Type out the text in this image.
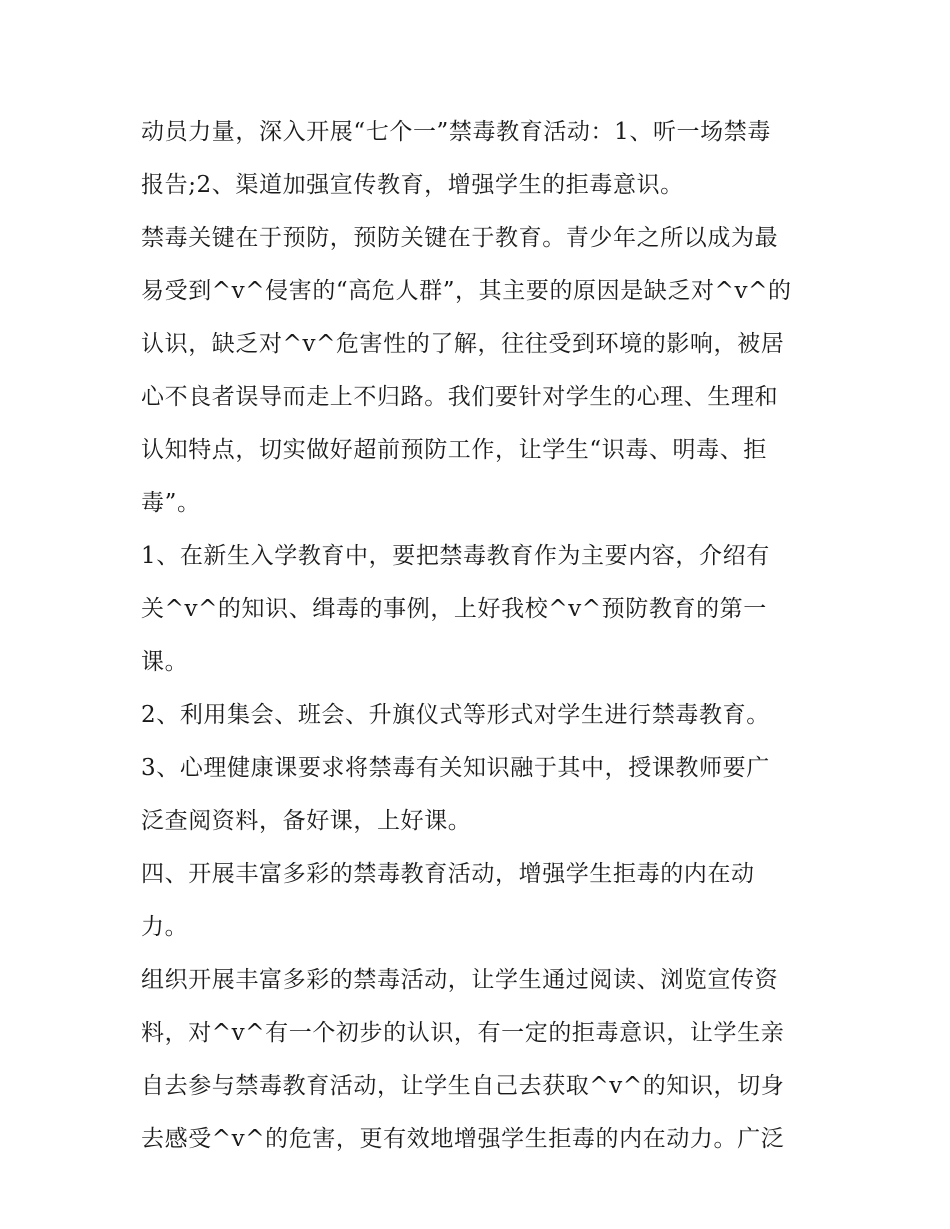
动员力量，深入开展“七个一”禁毒教育活动：1、听一场禁毒
报告;2、渠道加强宣传教育，增强学生的拒毒意识。
禁毒关键在于预防，预防关键在于教育。青少年之所以成为最
易受到^v^侵害的“高危人群”，其主要的原因是缺乏对^v^的
认识，缺乏对^v^危害性的了解，往往受到环境的影响，被居
心不良者误导而走上不归路。我们要针对学生的心理、生理和
认知特点，切实做好超前预防工作，让学生“识毒、明毒、拒
毒”。
1、在新生入学教育中，要把禁毒教育作为主要内容，介绍有
关^v^的知识、缉毒的事例，上好我校^v^预防教育的第一
课。
2、利用集会、班会、升旗仪式等形式对学生进行禁毒教育。
3、心理健康课要求将禁毒有关知识融于其中，授课教师要广
泛查阅资料，备好课，上好课。
四、开展丰富多彩的禁毒教育活动，增强学生拒毒的内在动
力。
组织开展丰富多彩的禁毒活动，让学生通过阅读、浏览宣传资
料，对^v^有一个初步的认识，有一定的拒毒意识，让学生亲
自去参与禁毒教育活动，让学生自己去获取^v^的知识，切身
去感受^v^的危害，更有效地增强学生拒毒的内在动力。广泛
